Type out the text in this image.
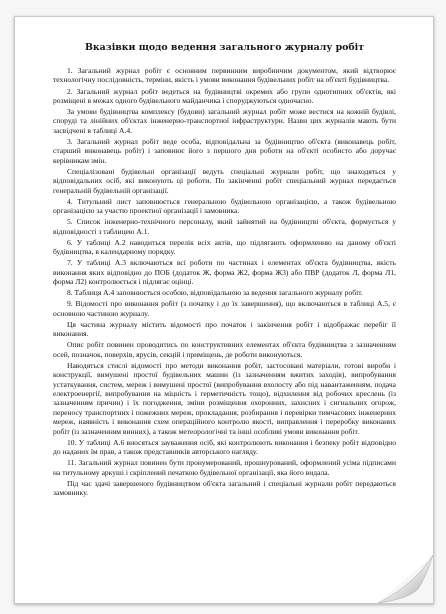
Вказівки щодо ведення загального журналу робіт

1. Загальний журнал робіт є основним первинним виробничим документом, який відтворює технологічну послідовність, терміни, якість і умови виконання будівельних робіт на об'єкті будівництва.

2. Загальний журнал робіт ведеться на будівництві окремих або групи однотипних об'єктів, які розміщені в межах одного будівельного майданчика і споруджуються одночасно.

За умови будівництва комплексу (будови) загальний журнал робіт може вестися на кожній будівлі, споруді та лінійних об'єктах інженерно-транспортної інфраструктури. Назви цих журналів мають бути засвідчені в таблиці А.4.

3. Загальний журнал робіт веде особа, відповідальна за будівництво об'єкта (виконавець робіт, старший виконавець робіт) і заповнює його з першого дня роботи на об'єкті особисто або доручає керівникам змін.

Спеціалізовані будівельні організації ведуть спеціальні журнали робіт, що знаходяться у відповідальних осіб, які виконують ці роботи. По закінченні робіт спеціальний журнал передається генеральній будівельній організації.

4. Титульний лист заповнюється генеральною будівельною організацією, а також будівельною організацією за участю проектної організації і замовника.

5. Список інженерно-технічного персоналу, який зайнятий на будівництві об'єкта, формується у відповідності з таблицею А.1.

6. У таблиці А.2 наводиться перелік всіх актів, що підлягають оформленню на даному об'єкті будівництва, в календарному порядку.

7. У таблиці А.3 включаються всі роботи по частинах і елементах об'єкта будівництва, якість виконання яких відповідно до ПОБ (додаток Ж, форма Ж2, форма Ж3) або ПВР (додаток Л, форма Л1, форма Л2) контролюється і підлягає оцінці.

8. Таблиця А.4 заповнюється особою, відповідальною за ведення загального журналу робіт.

9. Відомості про виконання робіт (з початку і до їх завершення), що включаються в таблиці А.5, є основною частиною журналу.

Ця частина журналу містить відомості про початок і закінчення робіт і відображає перебіг її виконання.

Опис робіт повинен проводитись по конструктивних елементах об'єкта будівництва з зазначенням осей, позначок, поверхів, ярусів, секцій і приміщень, де роботи виконуються.

Наводяться стислі відомості про методи виконання робіт, застосовані матеріали, готові вироби і конструкції, вимушені простої будівельних машин (із зазначенням вжитих заходів), випробування устаткування, систем, мереж і вимушені простої (випробування вхолосту або під навантаженням, подача електроенергії, випробування на міцність і герметичність тощо), відхилення від робочих креслень (із зазначенням причин) і їх погодження, зміни розміщення охоронних, захисних і сигнальних огорож, переносу транспортних і пожежних мереж, прокладання, розбирання і перевірки тимчасових інженерних мереж, наявність і виконання схем операційного контролю якості, виправлення і переробку виконаних робіт (із зазначенням винних), а також метеорологічні та інші особливі умови виконання робіт.

10. У таблиці А.6 вносяться зауваження осіб, які контролюють виконання і безпеку робіт відповідно до наданих їм прав, а також представників авторського нагляду.

11. Загальний журнал повинен бути пронумерований, прошнурований, оформлений усіма підписами на титульному аркуші і скріплений печаткою будівельної організації, яка його видала.

Під час здачі завершеного будівництвом об'єкта загальний і спеціальні журнали робіт передаються замовнику.
